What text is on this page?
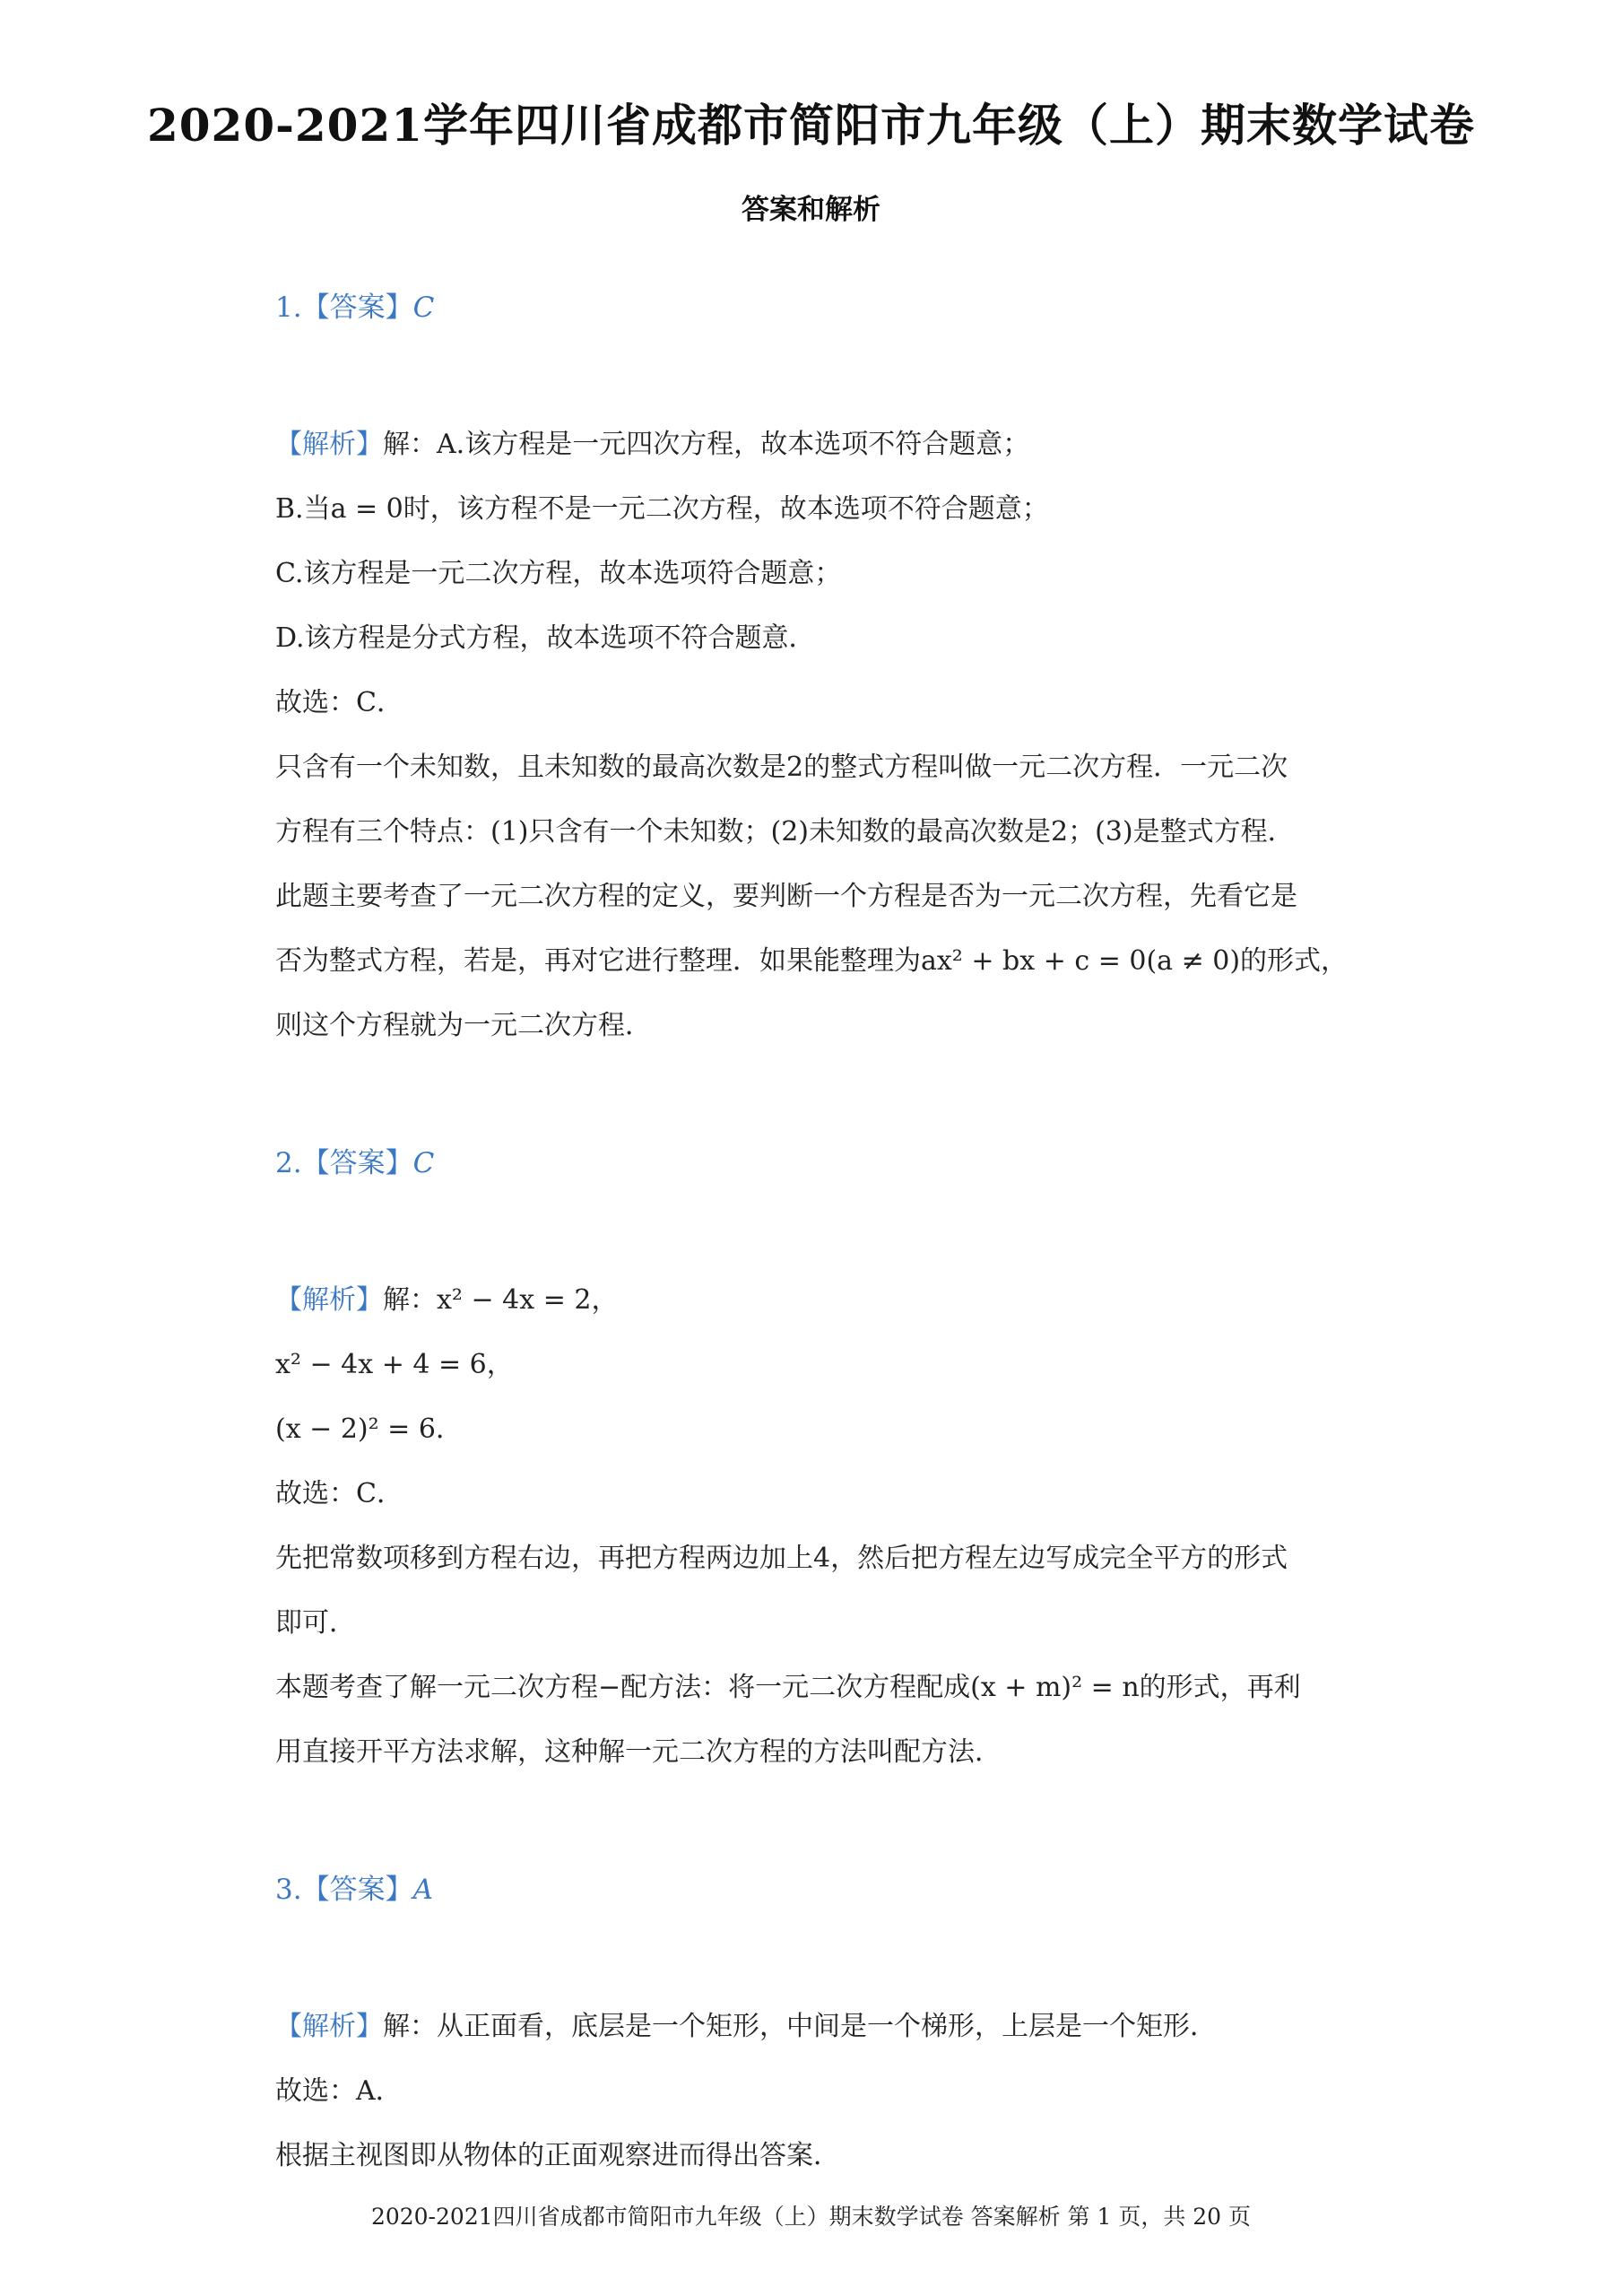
2020-2021学年四川省成都市简阳市九年级（上）期末数学试卷
答案和解析

1.【答案】C

【解析】解：A.该方程是一元四次方程，故本选项不符合题意；

B.当a = 0时，该方程不是一元二次方程，故本选项不符合题意；

C.该方程是一元二次方程，故本选项符合题意；

D.该方程是分式方程，故本选项不符合题意．

故选：C．

只含有一个未知数，且未知数的最高次数是2的整式方程叫做一元二次方程．一元二次

方程有三个特点：(1)只含有一个未知数；(2)未知数的最高次数是2；(3)是整式方程．

此题主要考查了一元二次方程的定义，要判断一个方程是否为一元二次方程，先看它是

否为整式方程，若是，再对它进行整理．如果能整理为ax² + bx + c = 0(a ≠ 0)的形式，

则这个方程就为一元二次方程．

2.【答案】C

【解析】解：x² − 4x = 2，

x² − 4x + 4 = 6，

(x − 2)² = 6．

故选：C．

先把常数项移到方程右边，再把方程两边加上4，然后把方程左边写成完全平方的形式

即可．

本题考查了解一元二次方程−配方法：将一元二次方程配成(x + m)² = n的形式，再利

用直接开平方法求解，这种解一元二次方程的方法叫配方法．

3.【答案】A

【解析】解：从正面看，底层是一个矩形，中间是一个梯形，上层是一个矩形．

故选：A．

根据主视图即从物体的正面观察进而得出答案．

2020-2021四川省成都市简阳市九年级（上）期末数学试卷 答案解析 第 1 页，共 20 页
